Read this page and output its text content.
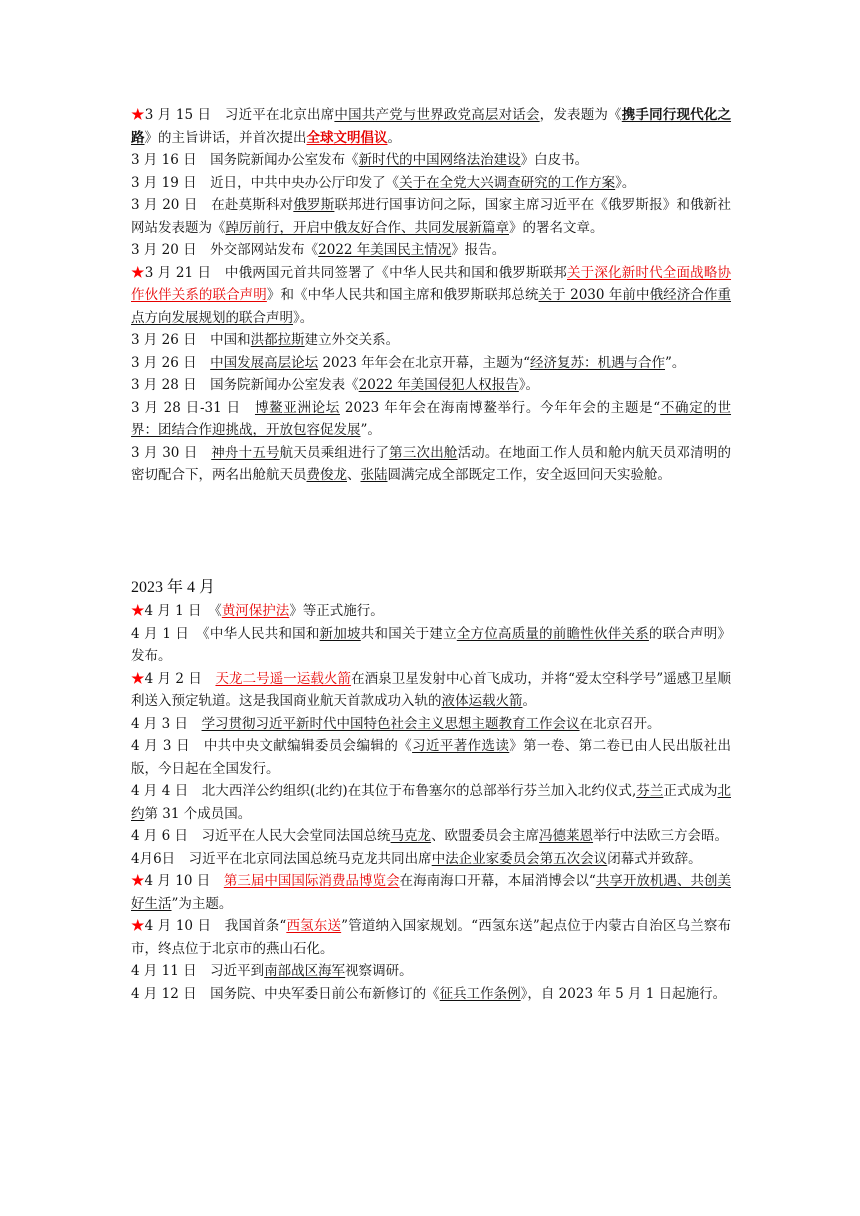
★3 月 15 日　习近平在北京出席中国共产党与世界政党高层对话会，发表题为《携手同行现代化之路》的主旨讲话，并首次提出全球文明倡议。

3 月 16 日　国务院新闻办公室发布《新时代的中国网络法治建设》白皮书。

3 月 19 日　近日，中共中央办公厅印发了《关于在全党大兴调查研究的工作方案》。

3 月 20 日　在赴莫斯科对俄罗斯联邦进行国事访问之际，国家主席习近平在《俄罗斯报》和俄新社网站发表题为《踔厉前行，开启中俄友好合作、共同发展新篇章》的署名文章。

3 月 20 日　外交部网站发布《2022 年美国民主情况》报告。

★3 月 21 日　中俄两国元首共同签署了《中华人民共和国和俄罗斯联邦关于深化新时代全面战略协作伙伴关系的联合声明》和《中华人民共和国主席和俄罗斯联邦总统关于 2030 年前中俄经济合作重点方向发展规划的联合声明》。

3 月 26 日　中国和洪都拉斯建立外交关系。

3 月 26 日　中国发展高层论坛 2023 年年会在北京开幕，主题为“经济复苏：机遇与合作”。

3 月 28 日　国务院新闻办公室发表《2022 年美国侵犯人权报告》。

3 月 28 日-31 日　博鳌亚洲论坛 2023 年年会在海南博鳌举行。今年年会的主题是“不确定的世界：团结合作迎挑战，开放包容促发展”。

3 月 30 日　神舟十五号航天员乘组进行了第三次出舱活动。在地面工作人员和舱内航天员邓清明的密切配合下，两名出舱航天员费俊龙、张陆圆满完成全部既定工作，安全返回问天实验舱。

2023 年 4 月

★4 月 1 日　《黄河保护法》等正式施行。

4 月 1 日　《中华人民共和国和新加坡共和国关于建立全方位高质量的前瞻性伙伴关系的联合声明》发布。

★4 月 2 日　天龙二号遥一运载火箭在酒泉卫星发射中心首飞成功，并将“爱太空科学号”遥感卫星顺利送入预定轨道。这是我国商业航天首款成功入轨的液体运载火箭。

4 月 3 日　学习贯彻习近平新时代中国特色社会主义思想主题教育工作会议在北京召开。

4 月 3 日　中共中央文献编辑委员会编辑的《习近平著作选读》第一卷、第二卷已由人民出版社出版，今日起在全国发行。

4 月 4 日　北大西洋公约组织(北约)在其位于布鲁塞尔的总部举行芬兰加入北约仪式,芬兰正式成为北约第 31 个成员国。

4 月 6 日　习近平在人民大会堂同法国总统马克龙、欧盟委员会主席冯德莱恩举行中法欧三方会晤。

4月6日　习近平在北京同法国总统马克龙共同出席中法企业家委员会第五次会议闭幕式并致辞。

★4 月 10 日　第三届中国国际消费品博览会在海南海口开幕，本届消博会以“共享开放机遇、共创美好生活”为主题。

★4 月 10 日　我国首条“西氢东送”管道纳入国家规划。“西氢东送”起点位于内蒙古自治区乌兰察布市，终点位于北京市的燕山石化。

4 月 11 日　习近平到南部战区海军视察调研。

4 月 12 日　国务院、中央军委日前公布新修订的《征兵工作条例》，自 2023 年 5 月 1 日起施行。
